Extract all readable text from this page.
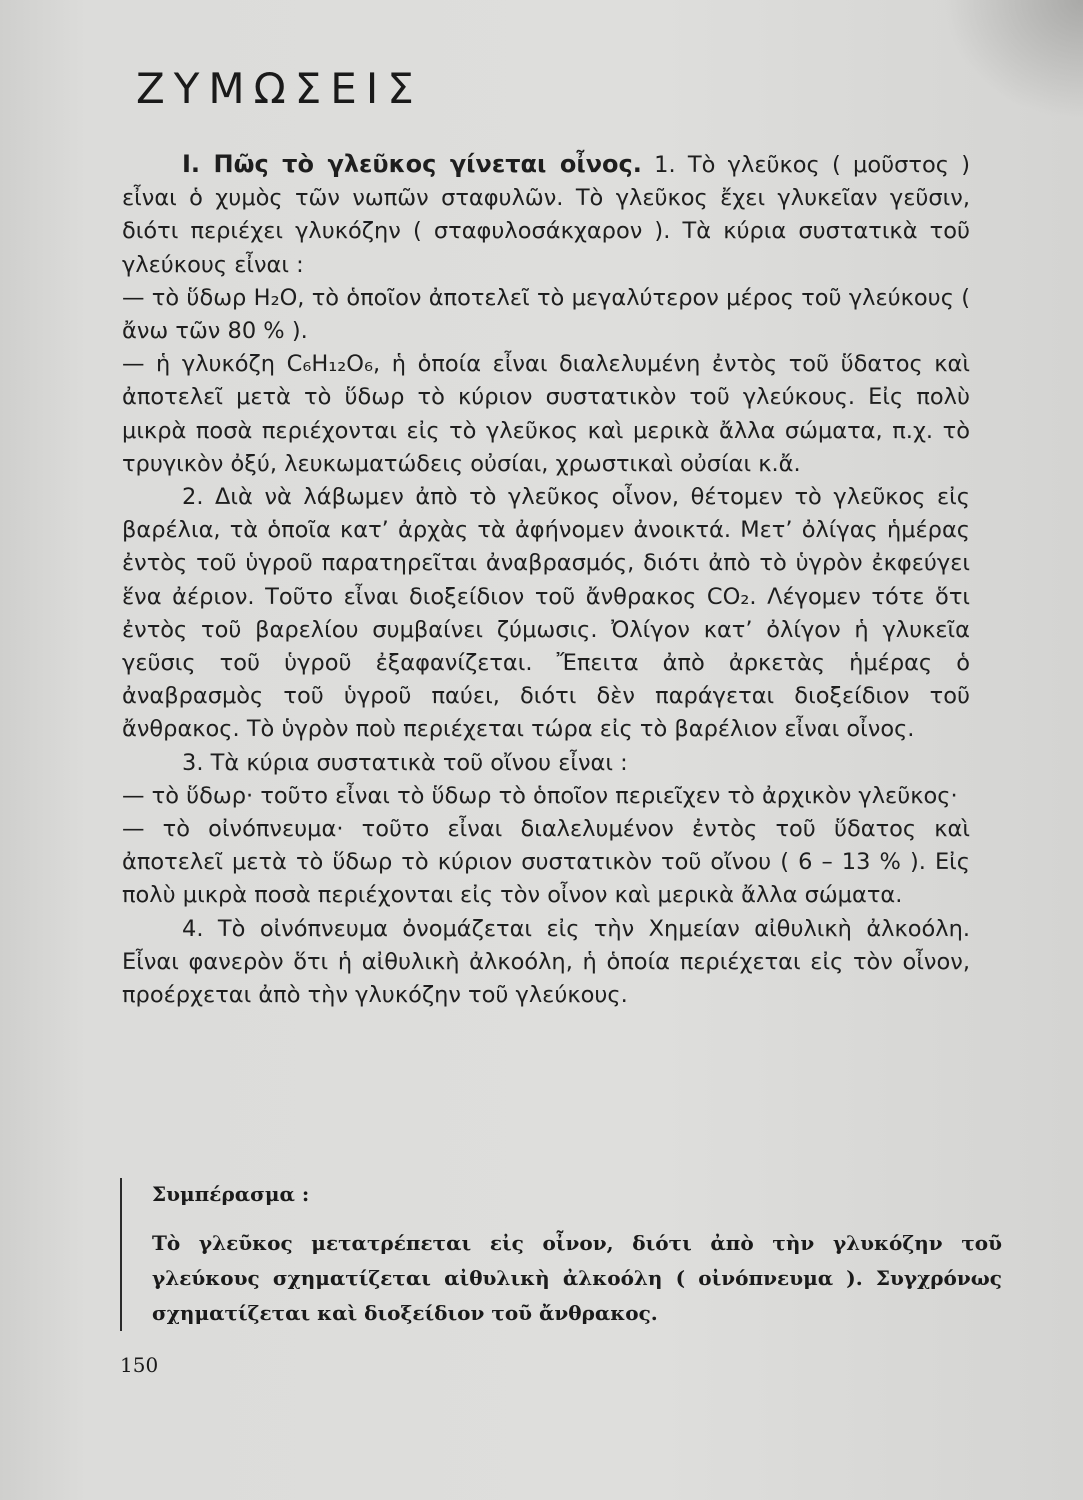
ΖΥΜΩΣΕΙΣ

Ι. Πῶς τὸ γλεῦκος γίνεται οἶνος. 1. Τὸ γλεῦκος ( μοῦστος ) εἶναι ὁ χυμὸς τῶν νωπῶν σταφυλῶν. Τὸ γλεῦκος ἔχει γλυκεῖαν γεῦσιν, διότι περιέχει γλυκόζην ( σταφυλοσάκχαρον ). Τὰ κύρια συστατικὰ τοῦ γλεύκους εἶναι :

— τὸ ὕδωρ H₂O, τὸ ὁποῖον ἀποτελεῖ τὸ μεγαλύτερον μέρος τοῦ γλεύκους ( ἄνω τῶν 80 % ).

— ἡ γλυκόζη C₆H₁₂O₆, ἡ ὁποία εἶναι διαλελυμένη ἐντὸς τοῦ ὕδατος καὶ ἀποτελεῖ μετὰ τὸ ὕδωρ τὸ κύριον συστατικὸν τοῦ γλεύκους. Εἰς πολὺ μικρὰ ποσὰ περιέχονται εἰς τὸ γλεῦκος καὶ μερικὰ ἄλλα σώματα, π.χ. τὸ τρυγικὸν ὀξύ, λευκωματώδεις οὐσίαι, χρωστικαὶ οὐσίαι κ.ἄ.

2. Διὰ νὰ λάβωμεν ἀπὸ τὸ γλεῦκος οἶνον, θέτομεν τὸ γλεῦκος εἰς βαρέλια, τὰ ὁποῖα κατ’ ἀρχὰς τὰ ἀφήνομεν ἀνοικτά. Μετ’ ὀλίγας ἡμέρας ἐντὸς τοῦ ὑγροῦ παρατηρεῖται ἀναβρασμός, διότι ἀπὸ τὸ ὑγρὸν ἐκφεύγει ἕνα ἀέριον. Τοῦτο εἶναι διοξείδιον τοῦ ἄνθρακος CO₂. Λέγομεν τότε ὅτι ἐντὸς τοῦ βαρελίου συμβαίνει ζύμωσις. Ὀλίγον κατ’ ὀλίγον ἡ γλυκεῖα γεῦσις τοῦ ὑγροῦ ἐξαφανίζεται. Ἔπειτα ἀπὸ ἀρκετὰς ἡμέρας ὁ ἀναβρασμὸς τοῦ ὑγροῦ παύει, διότι δὲν παράγεται διοξείδιον τοῦ ἄνθρακος. Τὸ ὑγρὸν ποὺ περιέχεται τώρα εἰς τὸ βαρέλιον εἶναι οἶνος.

3. Τὰ κύρια συστατικὰ τοῦ οἴνου εἶναι :

— τὸ ὕδωρ· τοῦτο εἶναι τὸ ὕδωρ τὸ ὁποῖον περιεῖχεν τὸ ἀρχικὸν γλεῦκος·

— τὸ οἰνόπνευμα· τοῦτο εἶναι διαλελυμένον ἐντὸς τοῦ ὕδατος καὶ ἀποτελεῖ μετὰ τὸ ὕδωρ τὸ κύριον συστατικὸν τοῦ οἴνου ( 6 – 13 % ). Εἰς πολὺ μικρὰ ποσὰ περιέχονται εἰς τὸν οἶνον καὶ μερικὰ ἄλλα σώματα.

4. Τὸ οἰνόπνευμα ὀνομάζεται εἰς τὴν Χημείαν αἰθυλικὴ ἀλκοόλη. Εἶναι φανερὸν ὅτι ἡ αἰθυλικὴ ἀλκοόλη, ἡ ὁποία περιέχεται εἰς τὸν οἶνον, προέρχεται ἀπὸ τὴν γλυκόζην τοῦ γλεύκους.

Συμπέρασμα :
Τὸ γλεῦκος μετατρέπεται εἰς οἶνον, διότι ἀπὸ τὴν γλυκόζην τοῦ γλεύκους σχηματίζεται αἰθυλικὴ ἀλκοόλη ( οἰνόπνευμα ). Συγχρόνως σχηματίζεται καὶ διοξείδιον τοῦ ἄνθρακος.
150
